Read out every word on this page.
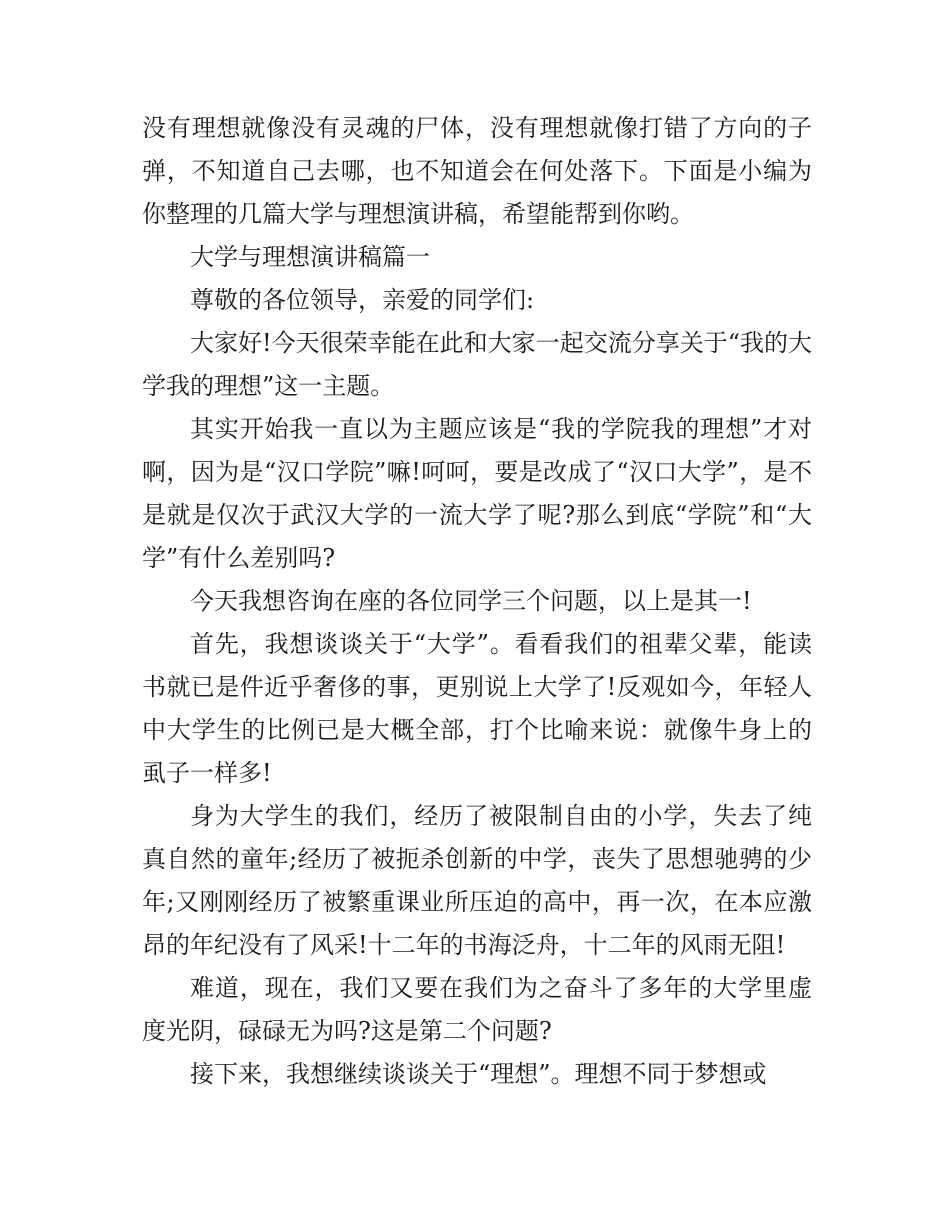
没有理想就像没有灵魂的尸体，没有理想就像打错了方向的子弹，不知道自己去哪，也不知道会在何处落下。下面是小编为你整理的几篇大学与理想演讲稿，希望能帮到你哟。

大学与理想演讲稿篇一

尊敬的各位领导，亲爱的同学们:

大家好!今天很荣幸能在此和大家一起交流分享关于“我的大学我的理想”这一主题。

其实开始我一直以为主题应该是“我的学院我的理想”才对啊，因为是“汉口学院”嘛!呵呵，要是改成了“汉口大学”，是不是就是仅次于武汉大学的一流大学了呢?那么到底“学院”和“大学”有什么差别吗?

今天我想咨询在座的各位同学三个问题，以上是其一!

首先，我想谈谈关于“大学”。看看我们的祖辈父辈，能读书就已是件近乎奢侈的事，更别说上大学了!反观如今，年轻人中大学生的比例已是大概全部，打个比喻来说：就像牛身上的虱子一样多!

身为大学生的我们，经历了被限制自由的小学，失去了纯真自然的童年;经历了被扼杀创新的中学，丧失了思想驰骋的少年;又刚刚经历了被繁重课业所压迫的高中，再一次，在本应激昂的年纪没有了风采!十二年的书海泛舟，十二年的风雨无阻!

难道，现在，我们又要在我们为之奋斗了多年的大学里虚度光阴，碌碌无为吗?这是第二个问题?

接下来，我想继续谈谈关于“理想”。理想不同于梦想或
